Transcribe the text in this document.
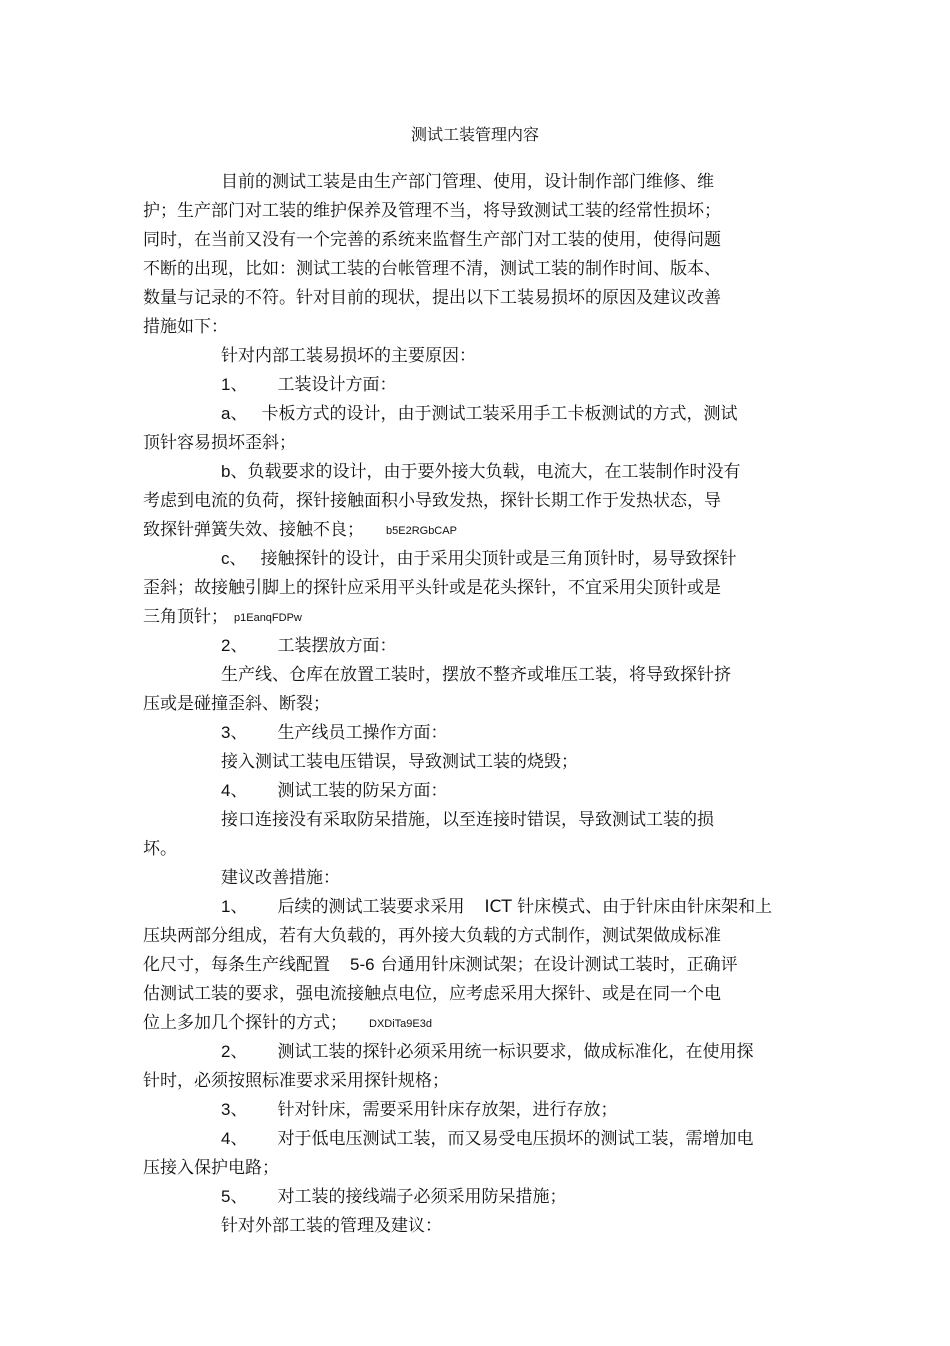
测试工装管理内容
目前的测试工装是由生产部门管理、使用，设计制作部门维修、维
护；生产部门对工装的维护保养及管理不当，将导致测试工装的经常性损坏；
同时，在当前又没有一个完善的系统来监督生产部门对工装的使用，使得问题
不断的出现，比如：测试工装的台帐管理不清，测试工装的制作时间、版本、
数量与记录的不符。针对目前的现状，提出以下工装易损坏的原因及建议改善
措施如下：
针对内部工装易损坏的主要原因：
1、 工装设计方面：
a、 卡板方式的设计，由于测试工装采用手工卡板测试的方式，测试
顶针容易损坏歪斜；
b、负载要求的设计，由于要外接大负载，电流大，在工装制作时没有
考虑到电流的负荷，探针接触面积小导致发热，探针长期工作于发热状态，导
致探针弹簧失效、接触不良； b5E2RGbCAP
c、 接触探针的设计，由于采用尖顶针或是三角顶针时，易导致探针
歪斜；故接触引脚上的探针应采用平头针或是花头探针，不宜采用尖顶针或是
三角顶针； p1EanqFDPw
2、 工装摆放方面：
生产线、仓库在放置工装时，摆放不整齐或堆压工装，将导致探针挤
压或是碰撞歪斜、断裂；
3、 生产线员工操作方面：
接入测试工装电压错误，导致测试工装的烧毁；
4、 测试工装的防呆方面：
接口连接没有采取防呆措施，以至连接时错误，导致测试工装的损
坏。
建议改善措施：
1、 后续的测试工装要求采用 ICT 针床模式、由于针床由针床架和上
压块两部分组成，若有大负载的，再外接大负载的方式制作，测试架做成标准
化尺寸，每条生产线配置 5-6 台通用针床测试架；在设计测试工装时，正确评
估测试工装的要求，强电流接触点电位，应考虑采用大探针、或是在同一个电
位上多加几个探针的方式； DXDiTa9E3d
2、 测试工装的探针必须采用统一标识要求，做成标准化，在使用探
针时，必须按照标准要求采用探针规格；
3、 针对针床，需要采用针床存放架，进行存放；
4、 对于低电压测试工装，而又易受电压损坏的测试工装，需增加电
压接入保护电路；
5、 对工装的接线端子必须采用防呆措施；
针对外部工装的管理及建议：
